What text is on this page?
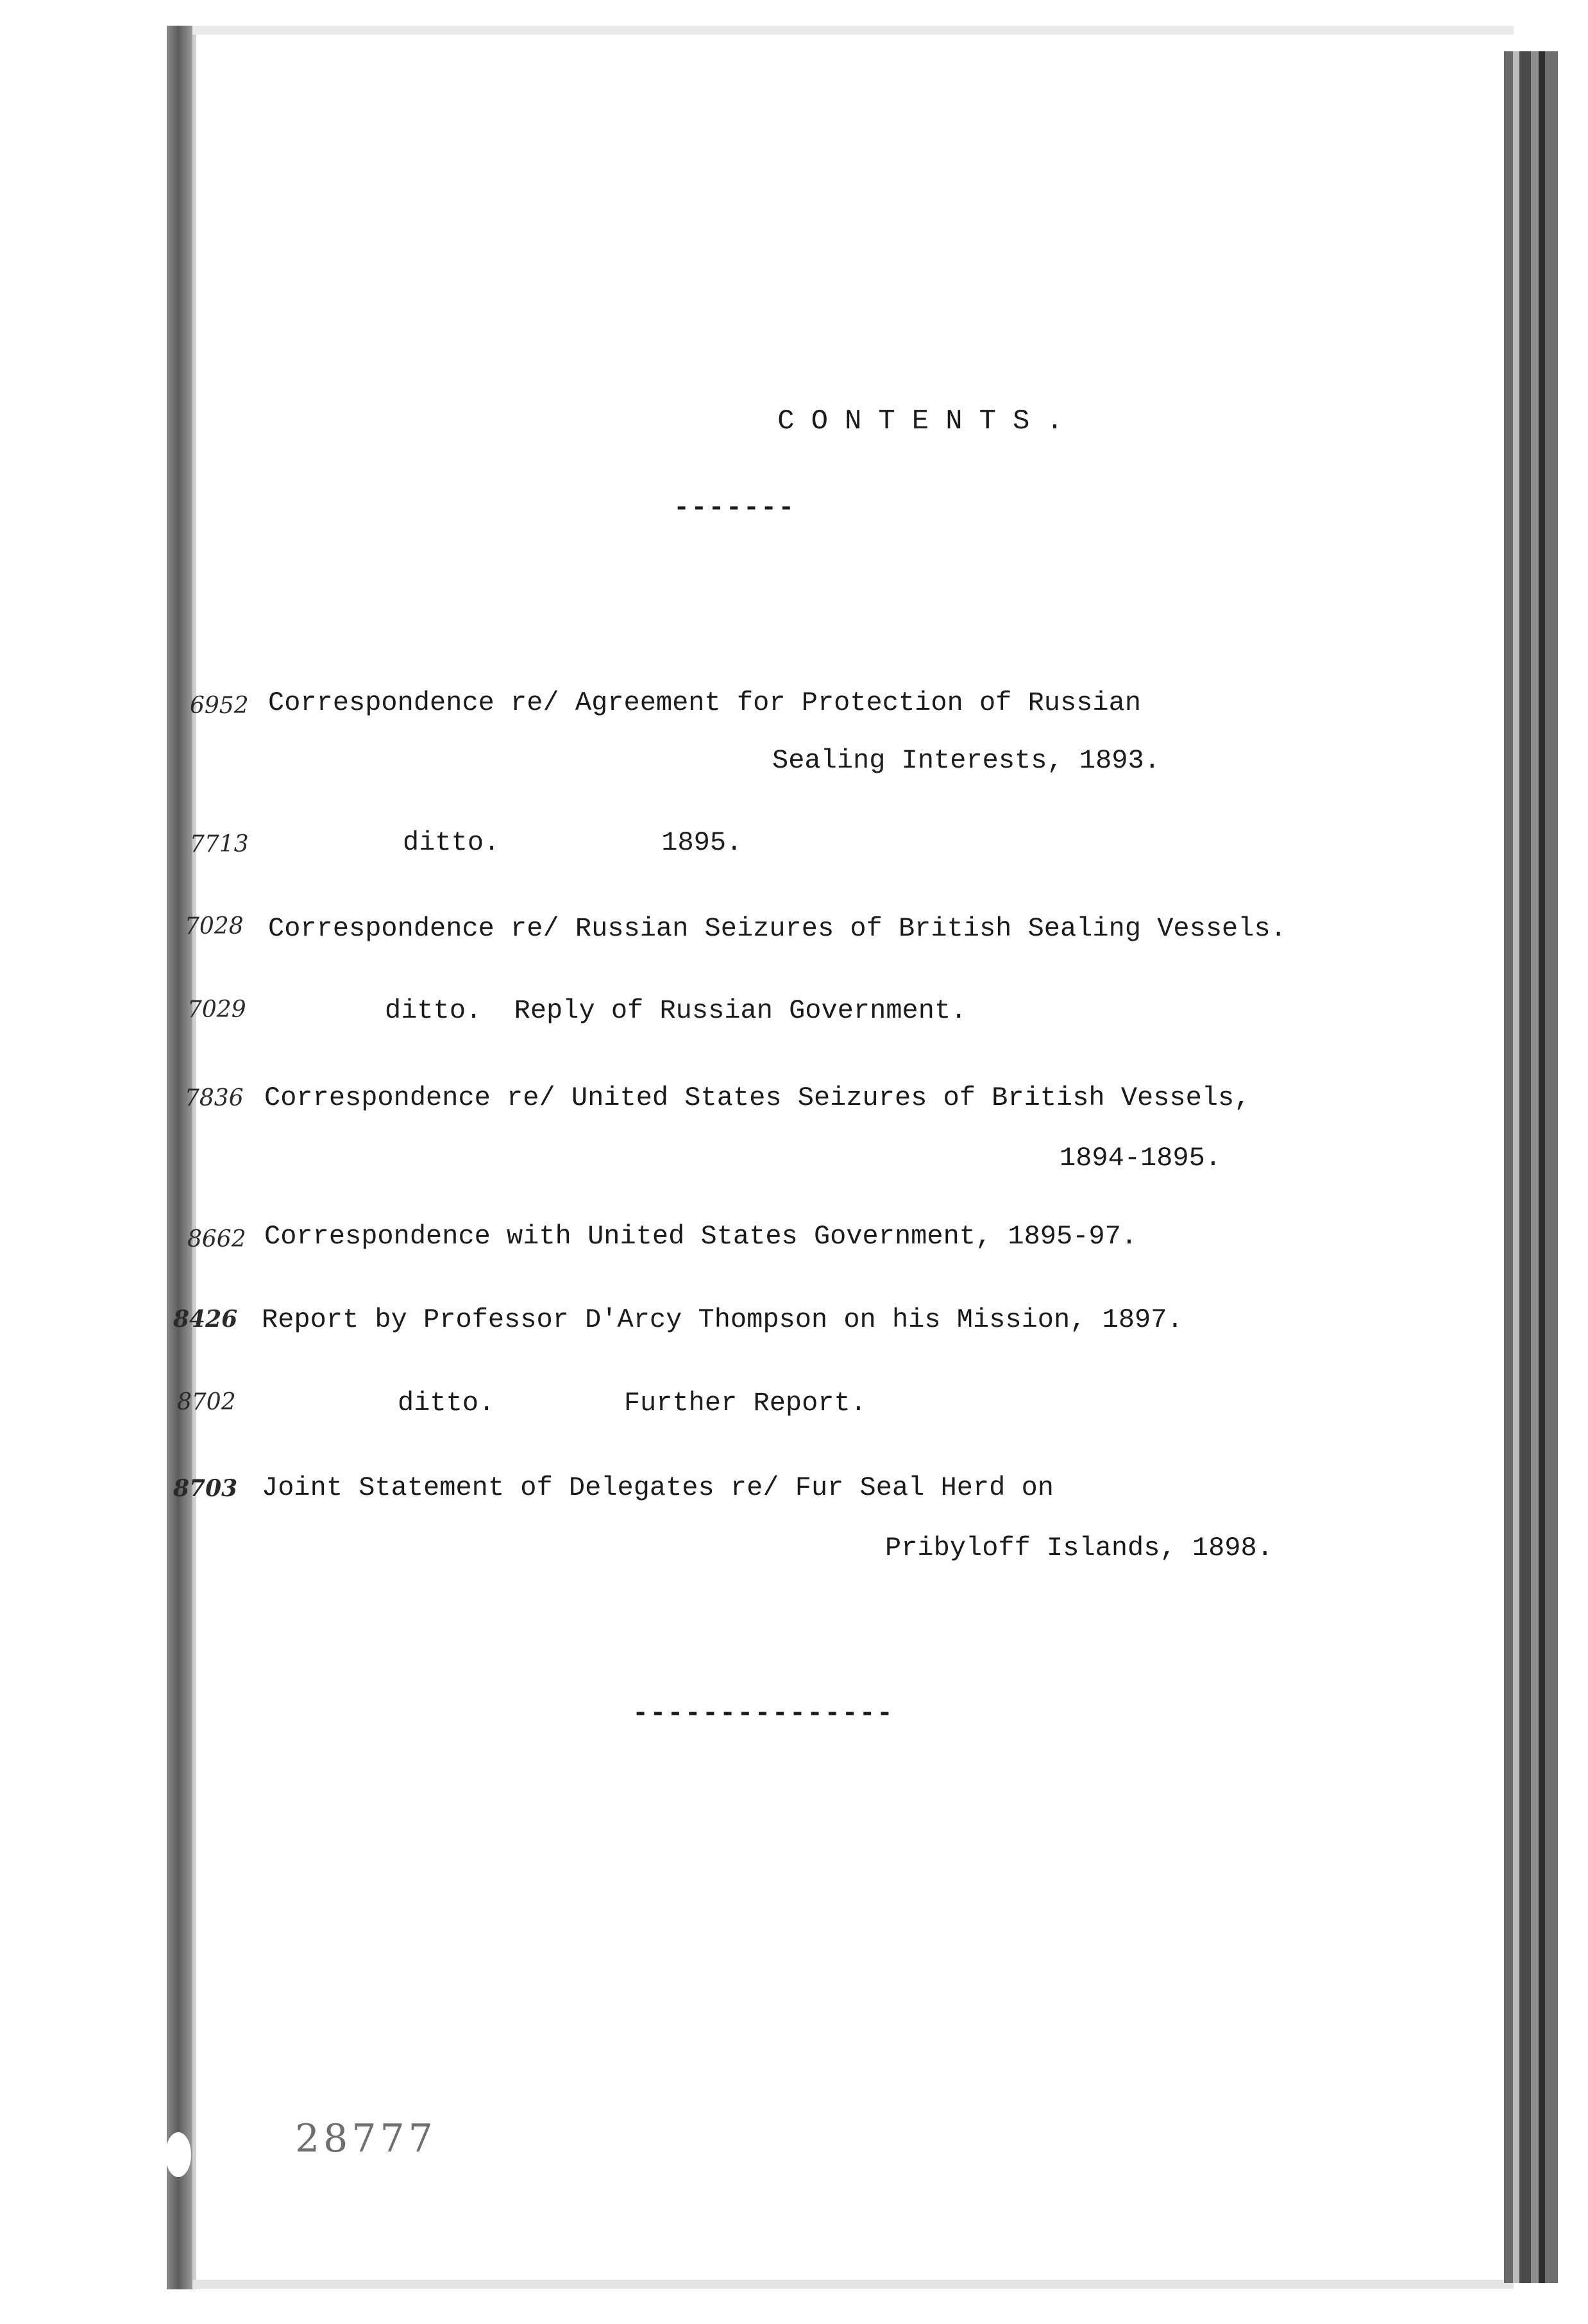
CONTENTS.
-------
6952 Correspondence re/ Agreement for Protection of Russian
Sealing Interests, 1893.
7713	ditto.          1895.
7028 Correspondence re/ Russian Seizures of British Sealing Vessels.
7029	ditto.  Reply of Russian Government.
7836 Correspondence re/ United States Seizures of British Vessels,
1894-1895.
8662 Correspondence with United States Government, 1895-97.
8426 Report by Professor D'Arcy Thompson on his Mission, 1897.
8702	ditto.        Further Report.
8703 Joint Statement of Delegates re/ Fur Seal Herd on
Pribyloff Islands, 1898.
---------------
28777
